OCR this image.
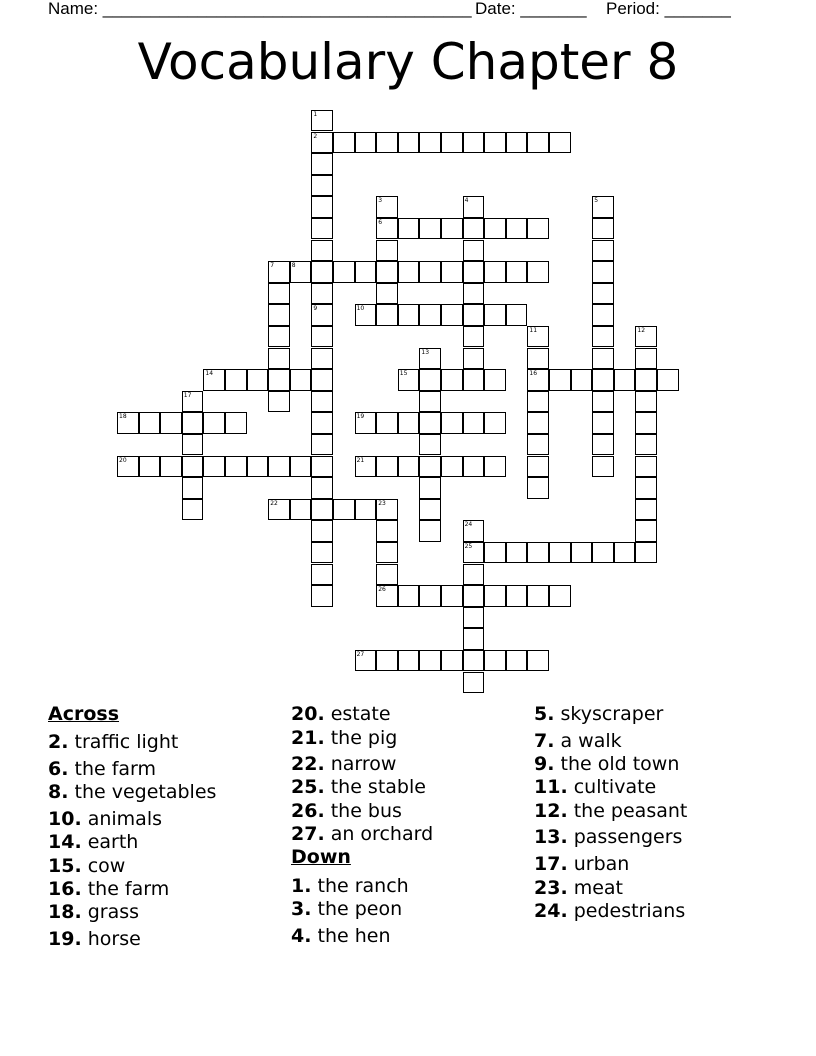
Name: _______________________________________ Date: _______ Period: _______
Vocabulary Chapter 8
1
2
9
3
6
4	5
7	8
10
11
16
12
13
14	15
17
18	19
20	21
22	23
26
24
25
27
Across
2. traffic light
6. the farm
8. the vegetables
10. animals
14. earth
15. cow
16. the farm
18. grass
19. horse
20. estate
21. the pig
22. narrow
25. the stable
26. the bus
27. an orchard
Down
1. the ranch
3. the peon
4. the hen
5. skyscraper
7. a walk
9. the old town
11. cultivate
12. the peasant
13. passengers
17. urban
23. meat
24. pedestrians
